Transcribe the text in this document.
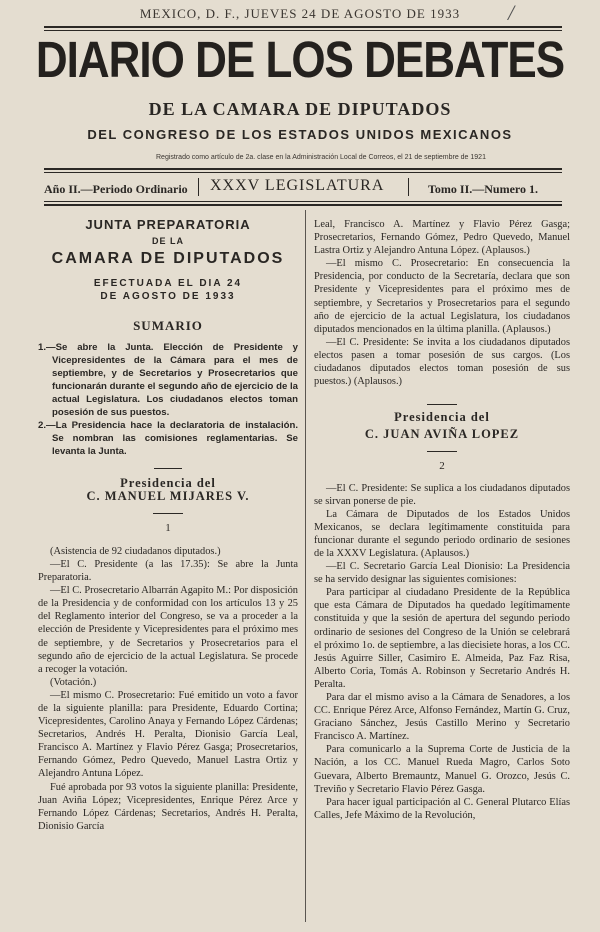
MEXICO, D. F., JUEVES 24 DE AGOSTO DE 1933	/
DIARIO DE LOS DEBATES
DE LA CAMARA DE DIPUTADOS
DEL CONGRESO DE LOS ESTADOS UNIDOS MEXICANOS
Registrado como artículo de 2a. clase en la Administración Local de Correos, el 21 de septiembre de 1921
Año II.—Periodo Ordinario XXXV LEGISLATURA	Tomo II.—Numero 1.
JUNTA PREPARATORIA
DE LA
CAMARA DE DIPUTADOS
EFECTUADA EL DIA 24
DE AGOSTO DE 1933
SUMARIO

1.—Se abre la Junta. Elección de Presidente y Vicepresidentes de la Cámara para el mes de septiembre, y de Secretarios y Prosecretarios que funcionarán durante el segundo año de ejercicio de la actual Legislatura. Los ciudadanos electos toman posesión de sus puestos.

2.—La Presidencia hace la declaratoria de instalación. Se nombran las comisiones reglamentarias. Se levanta la Junta.

Presidencia del
C. MANUEL MIJARES V.
1

(Asistencia de 92 ciudadanos diputados.)

—El C. Presidente (a las 17.35): Se abre la Junta Preparatoria.

—El C. Prosecretario Albarrán Agapito M.: Por disposición de la Presidencia y de conformidad con los artículos 13 y 25 del Reglamento interior del Congreso, se va a proceder a la elección de Presidente y Vicepresidentes para el próximo mes de septiembre, y de Secretarios y Prosecretarios para el segundo año de ejercicio de la actual Legislatura. Se procede a recoger la votación.

(Votación.)

—El mismo C. Prosecretario: Fué emitido un voto a favor de la siguiente planilla: para Presidente, Eduardo Cortina; Vicepresidentes, Carolino Anaya y Fernando López Cárdenas; Secretarios, Andrés H. Peralta, Dionisio García Leal, Francisco A. Martínez y Flavio Pérez Gasga; Prosecretarios, Fernando Gómez, Pedro Quevedo, Manuel Lastra Ortiz y Alejandro Antuna López.

Fué aprobada por 93 votos la siguiente planilla: Presidente, Juan Aviña López; Vicepresidentes, Enrique Pérez Arce y Fernando López Cárdenas; Secretarios, Andrés H. Peralta, Dionisio García

Leal, Francisco A. Martínez y Flavio Pérez Gasga; Prosecretarios, Fernando Gómez, Pedro Quevedo, Manuel Lastra Ortiz y Alejandro Antuna López. (Aplausos.)

—El mismo C. Prosecretario: En consecuencia la Presidencia, por conducto de la Secretaría, declara que son Presidente y Vicepresidentes para el próximo mes de septiembre, y Secretarios y Prosecretarios para el segundo año de ejercicio de la actual Legislatura, los ciudadanos diputados mencionados en la última planilla. (Aplausos.)

—El C. Presidente: Se invita a los ciudadanos diputados electos pasen a tomar posesión de sus cargos. (Los ciudadanos diputados electos toman posesión de sus puestos.) (Aplausos.)

Presidencia del
C. JUAN AVIÑA LOPEZ
2

—El C. Presidente: Se suplica a los ciudadanos diputados se sirvan ponerse de pie.

La Cámara de Diputados de los Estados Unidos Mexicanos, se declara legítimamente constituida para funcionar durante el segundo periodo ordinario de sesiones de la XXXV Legislatura. (Aplausos.)

—El C. Secretario García Leal Dionisio: La Presidencia se ha servido designar las siguientes comisiones:

Para participar al ciudadano Presidente de la República que esta Cámara de Diputados ha quedado legítimamente constituida y que la sesión de apertura del segundo periodo ordinario de sesiones del Congreso de la Unión se celebrará el próximo 1o. de septiembre, a las diecisiete horas, a los CC. Jesús Aguirre Siller, Casimiro E. Almeida, Paz Faz Risa, Alberto Coria, Tomás A. Robinson y Secretario Andrés H. Peralta.

Para dar el mismo aviso a la Cámara de Senadores, a los CC. Enrique Pérez Arce, Alfonso Fernández, Martín G. Cruz, Graciano Sánchez, Jesús Castillo Merino y Secretario Francisco A. Martínez.

Para comunicarlo a la Suprema Corte de Justicia de la Nación, a los CC. Manuel Rueda Magro, Carlos Soto Guevara, Alberto Bremauntz, Manuel G. Orozco, Jesús C. Treviño y Secretario Flavio Pérez Gasga.

Para hacer igual participación al C. General Plutarco Elías Calles, Jefe Máximo de la Revolución,
